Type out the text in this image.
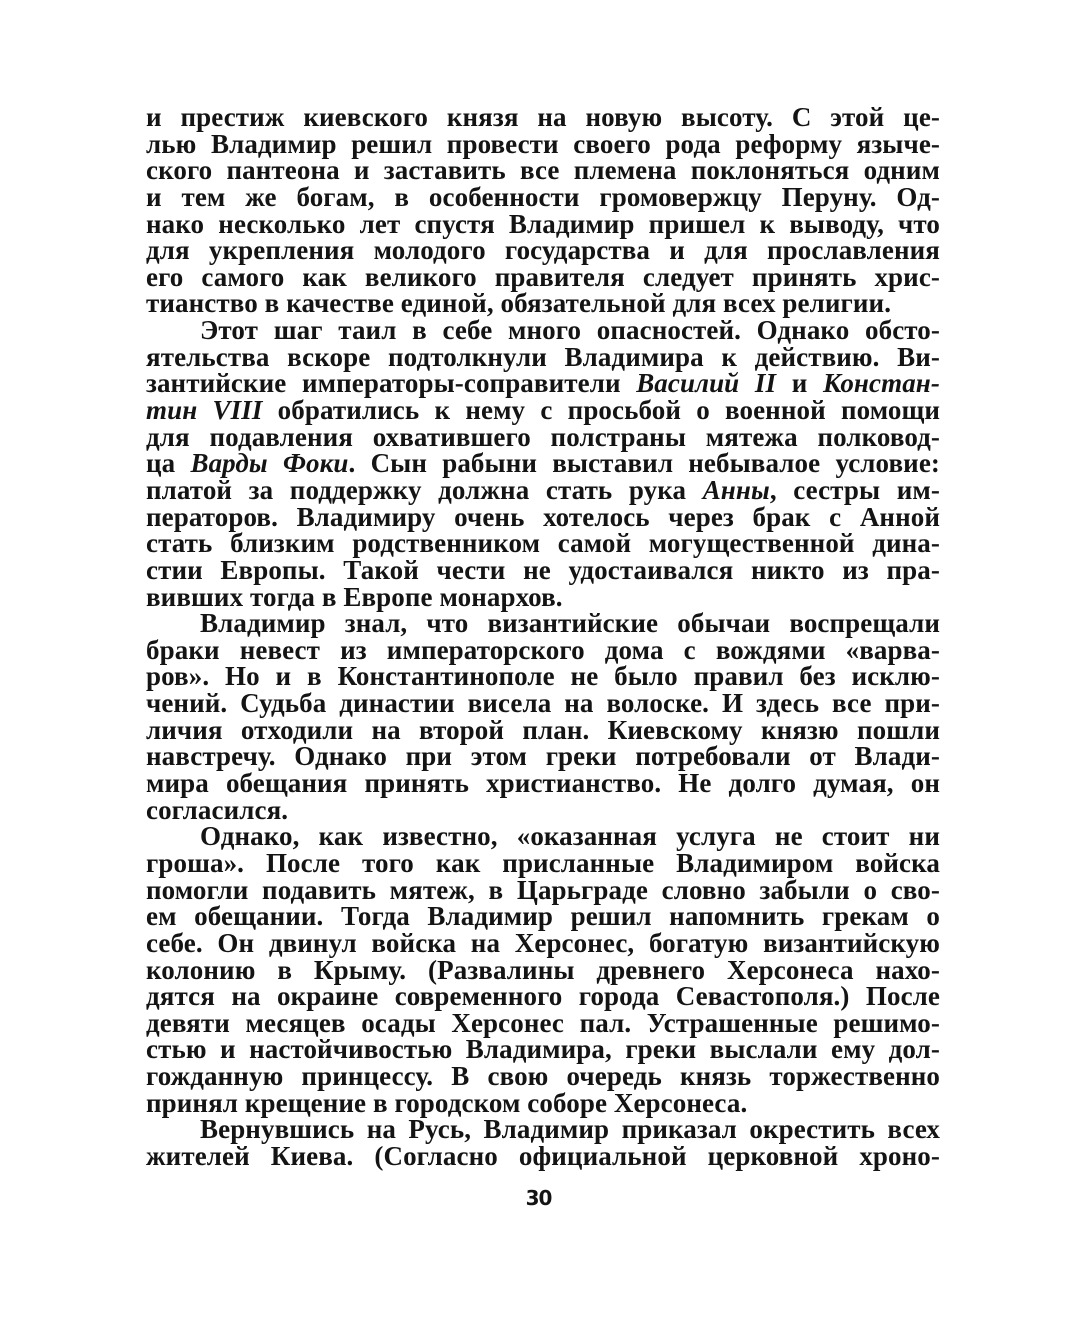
и престиж киевского князя на новую высоту. С этой це-
лью Владимир решил провести своего рода реформу языче-
ского пантеона и заставить все племена поклоняться одним
и тем же богам, в особенности громовержцу Перуну. Од-
нако несколько лет спустя Владимир пришел к выводу, что
для укрепления молодого государства и для прославления
его самого как великого правителя следует принять хрис-
тианство в качестве единой, обязательной для всех религии.
Этот шаг таил в себе много опасностей. Однако обсто-
ятельства вскоре подтолкнули Владимира к действию. Ви-
зантийские императоры-соправители Василий II и Констан-
тин VIII обратились к нему с просьбой о военной помощи
для подавления охватившего полстраны мятежа полковод-
ца Варды Фоки. Сын рабыни выставил небывалое условие:
платой за поддержку должна стать рука Анны, сестры им-
ператоров. Владимиру очень хотелось через брак с Анной
стать близким родственником самой могущественной дина-
стии Европы. Такой чести не удостаивался никто из пра-
вивших тогда в Европе монархов.
Владимир знал, что византийские обычаи воспрещали
браки невест из императорского дома с вождями «варва-
ров». Но и в Константинополе не было правил без исклю-
чений. Судьба династии висела на волоске. И здесь все при-
личия отходили на второй план. Киевскому князю пошли
навстречу. Однако при этом греки потребовали от Влади-
мира обещания принять христианство. Не долго думая, он
согласился.
Однако, как известно, «оказанная услуга не стоит ни
гроша». После того как присланные Владимиром войска
помогли подавить мятеж, в Царьграде словно забыли о сво-
ем обещании. Тогда Владимир решил напомнить грекам о
себе. Он двинул войска на Херсонес, богатую византийскую
колонию в Крыму. (Развалины древнего Херсонеса нахо-
дятся на окраине современного города Севастополя.) После
девяти месяцев осады Херсонес пал. Устрашенные решимо-
стью и настойчивостью Владимира, греки выслали ему дол-
гожданную принцессу. В свою очередь князь торжественно
принял крещение в городском соборе Херсонеса.
Вернувшись на Русь, Владимир приказал окрестить всех
жителей Киева. (Согласно официальной церковной хроно-
30
